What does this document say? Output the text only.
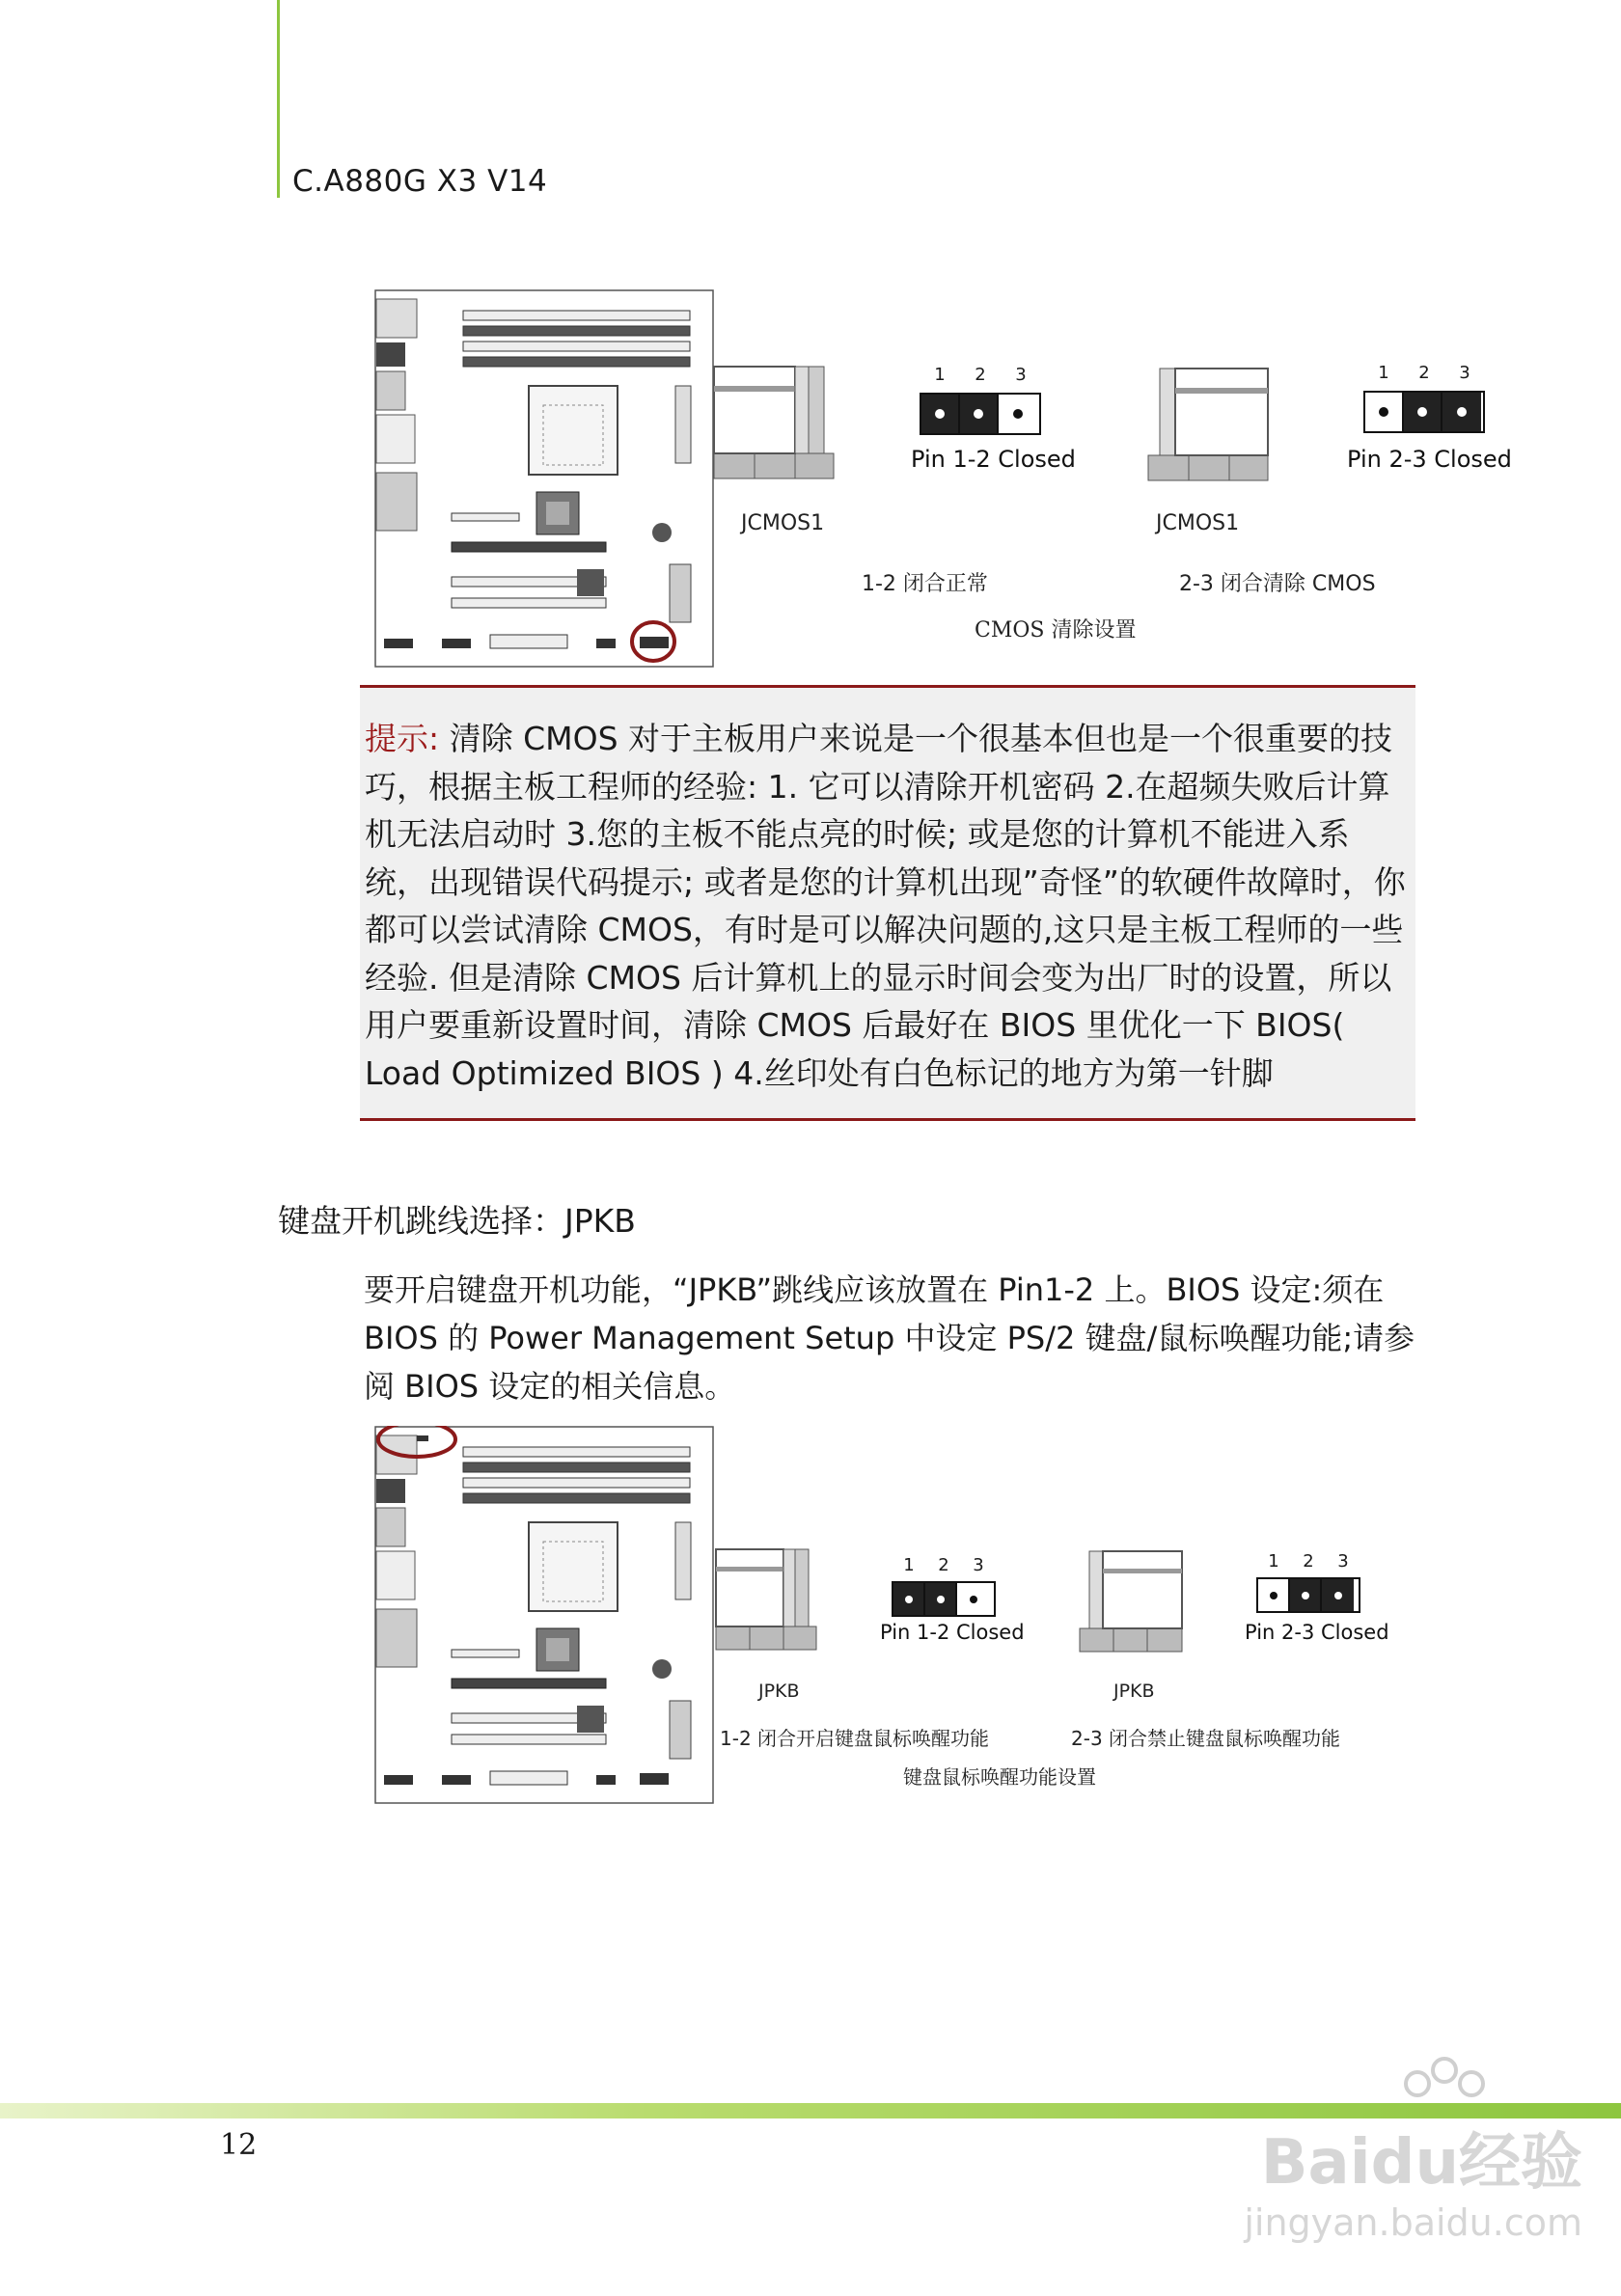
C.A880G X3 V14
1	2	3
Pin 1-2 Closed
1	2	3
Pin 2-3 Closed
JCMOS1	JCMOS1
1-2 闭合正常	2-3 闭合清除 CMOS
CMOS 清除设置
提示: 清除 CMOS 对于主板用户来说是一个很基本但也是一个很重要的技巧，根据主板工程师的经验: 1. 它可以清除开机密码 2.在超频失败后计算机无法启动时 3.您的主板不能点亮的时候; 或是您的计算机不能进入系统，出现错误代码提示; 或者是您的计算机出现”奇怪”的软硬件故障时，你都可以尝试清除 CMOS，有时是可以解决问题的,这只是主板工程师的一些经验. 但是清除 CMOS 后计算机上的显示时间会变为出厂时的设置，所以用户要重新设置时间，清除 CMOS 后最好在 BIOS 里优化一下 BIOS( Load Optimized BIOS ) 4.丝印处有白色标记的地方为第一针脚
键盘开机跳线选择：JPKB
要开启键盘开机功能，“JPKB”跳线应该放置在 Pin1-2 上。BIOS 设定:须在 BIOS 的 Power Management Setup 中设定 PS/2 键盘/鼠标唤醒功能;请参阅 BIOS 设定的相关信息。
1	2	3
Pin 1-2 Closed
1	2	3
Pin 2-3 Closed
JPKB	JPKB
1-2 闭合开启键盘鼠标唤醒功能	2-3 闭合禁止键盘鼠标唤醒功能
键盘鼠标唤醒功能设置
12	Baidu经验
jingyan.baidu.com
